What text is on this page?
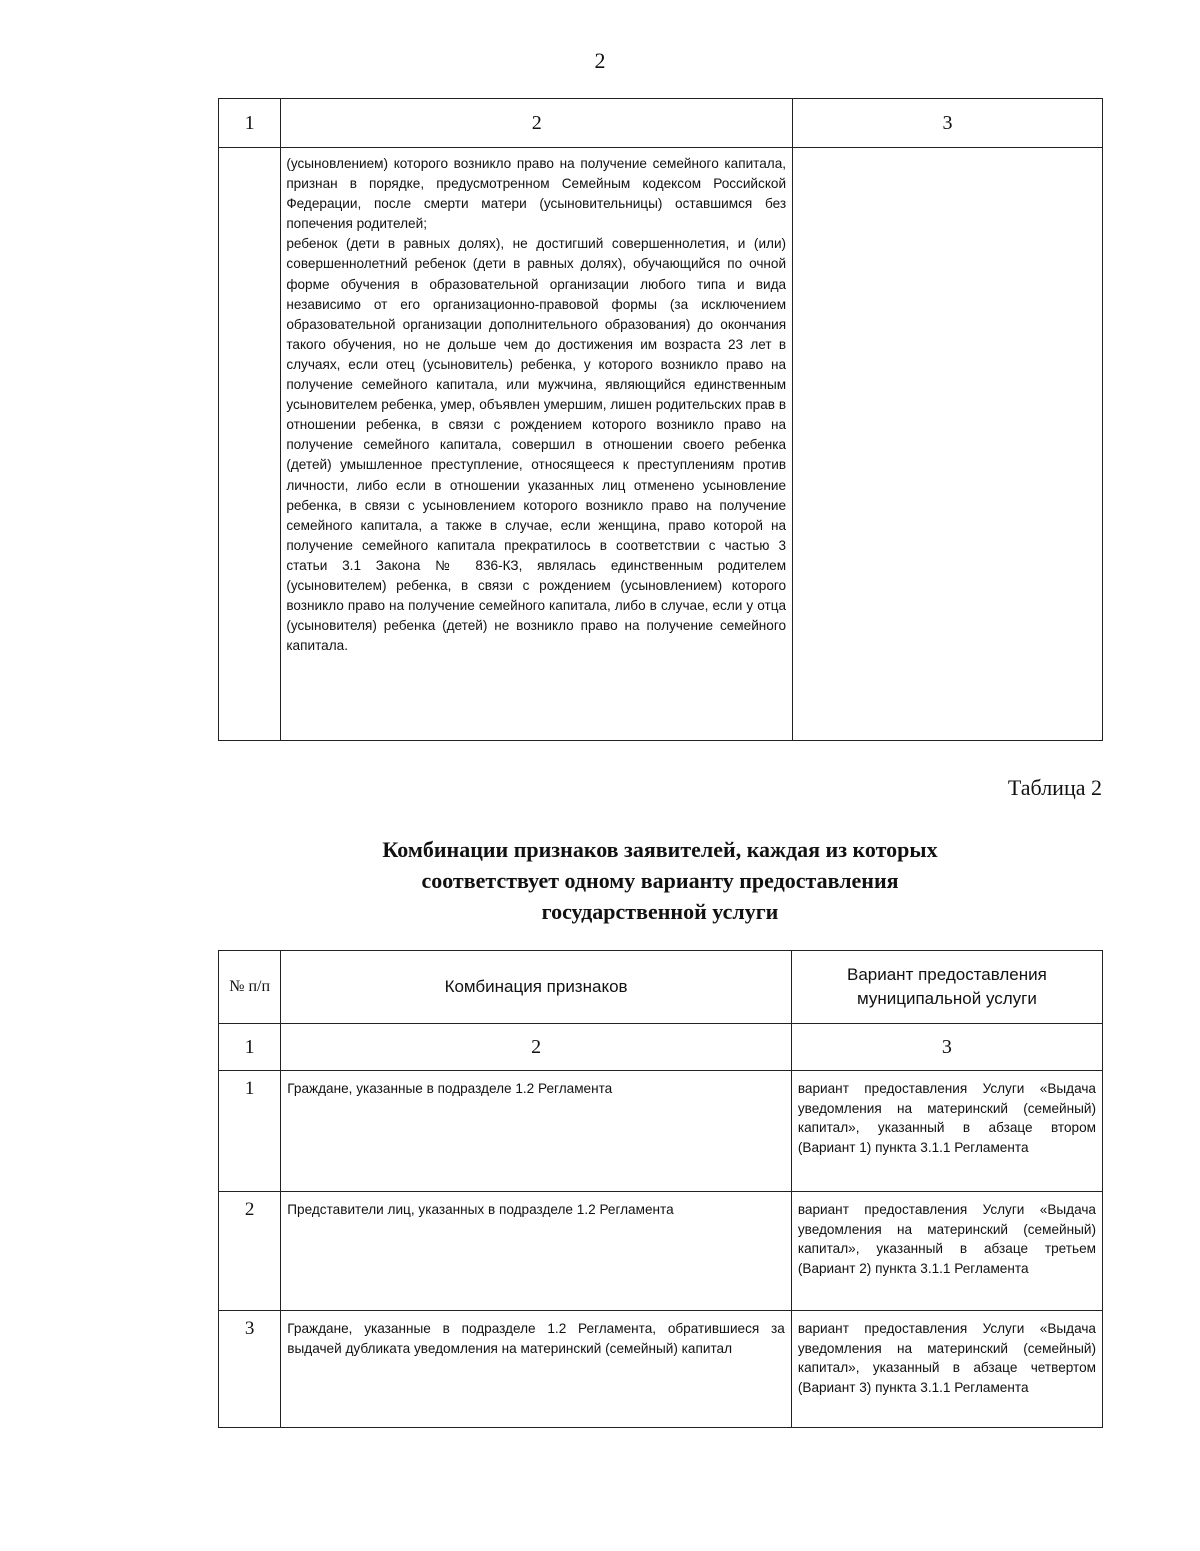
2
1	2	3

	(усыновлением) которого возникло право на получение семейного капитала, признан в порядке, предусмотренном Семейным кодексом Российской Федерации, после смерти матери (усыновительницы) оставшимся без попечения родителей;

ребенок (дети в равных долях), не достигший совершеннолетия, и (или) совершеннолетний ребенок (дети в равных долях), обучающийся по очной форме обучения в образовательной организации любого типа и вида независимо от его организационно-правовой формы (за исключением образовательной организации дополнительного образования) до окончания такого обучения, но не дольше чем до достижения им возраста 23 лет в случаях, если отец (усыновитель) ребенка, у которого возникло право на получение семейного капитала, или мужчина, являющийся единственным усыновителем ребенка, умер, объявлен умершим, лишен родительских прав в отношении ребенка, в связи с рождением которого возникло право на получение семейного капитала, совершил в отношении своего ребенка (детей) умышленное преступление, относящееся к преступлениям против личности, либо если в отношении указанных лиц отменено усыновление ребенка, в связи с усыновлением которого возникло право на получение семейного капитала, а также в случае, если женщина, право которой на получение семейного капитала прекратилось в соответствии с частью 3 статьи 3.1 Закона № 836-КЗ, являлась единственным родителем (усыновителем) ребенка, в связи с рождением (усыновлением) которого возникло право на получение семейного капитала, либо в случае, если у отца (усыновителя) ребенка (детей) не возникло право на получение семейного капитала.	

Таблица 2
Комбинации признаков заявителей, каждая из которых
соответствует одному варианту предоставления
государственной услуги
№ п/п	Комбинация признаков	Вариант предоставления муниципальной услуги
1	2	3
1	Граждане, указанные в подразделе 1.2 Регламента	вариант предоставления Услуги «Выдача уведомления на материнский (семейный) капитал», указанный в абзаце втором (Вариант 1) пункта 3.1.1 Регламента
2	Представители лиц, указанных в подразделе 1.2 Регламента	вариант предоставления Услуги «Выдача уведомления на материнский (семейный) капитал», указанный в абзаце третьем (Вариант 2) пункта 3.1.1 Регламента
3	Граждане, указанные в подразделе 1.2 Регламента, обратившиеся за выдачей дубликата уведомления на материнский (семейный) капитал	вариант предоставления Услуги «Выдача уведомления на материнский (семейный) капитал», указанный в абзаце четвертом (Вариант 3) пункта 3.1.1 Регламента
